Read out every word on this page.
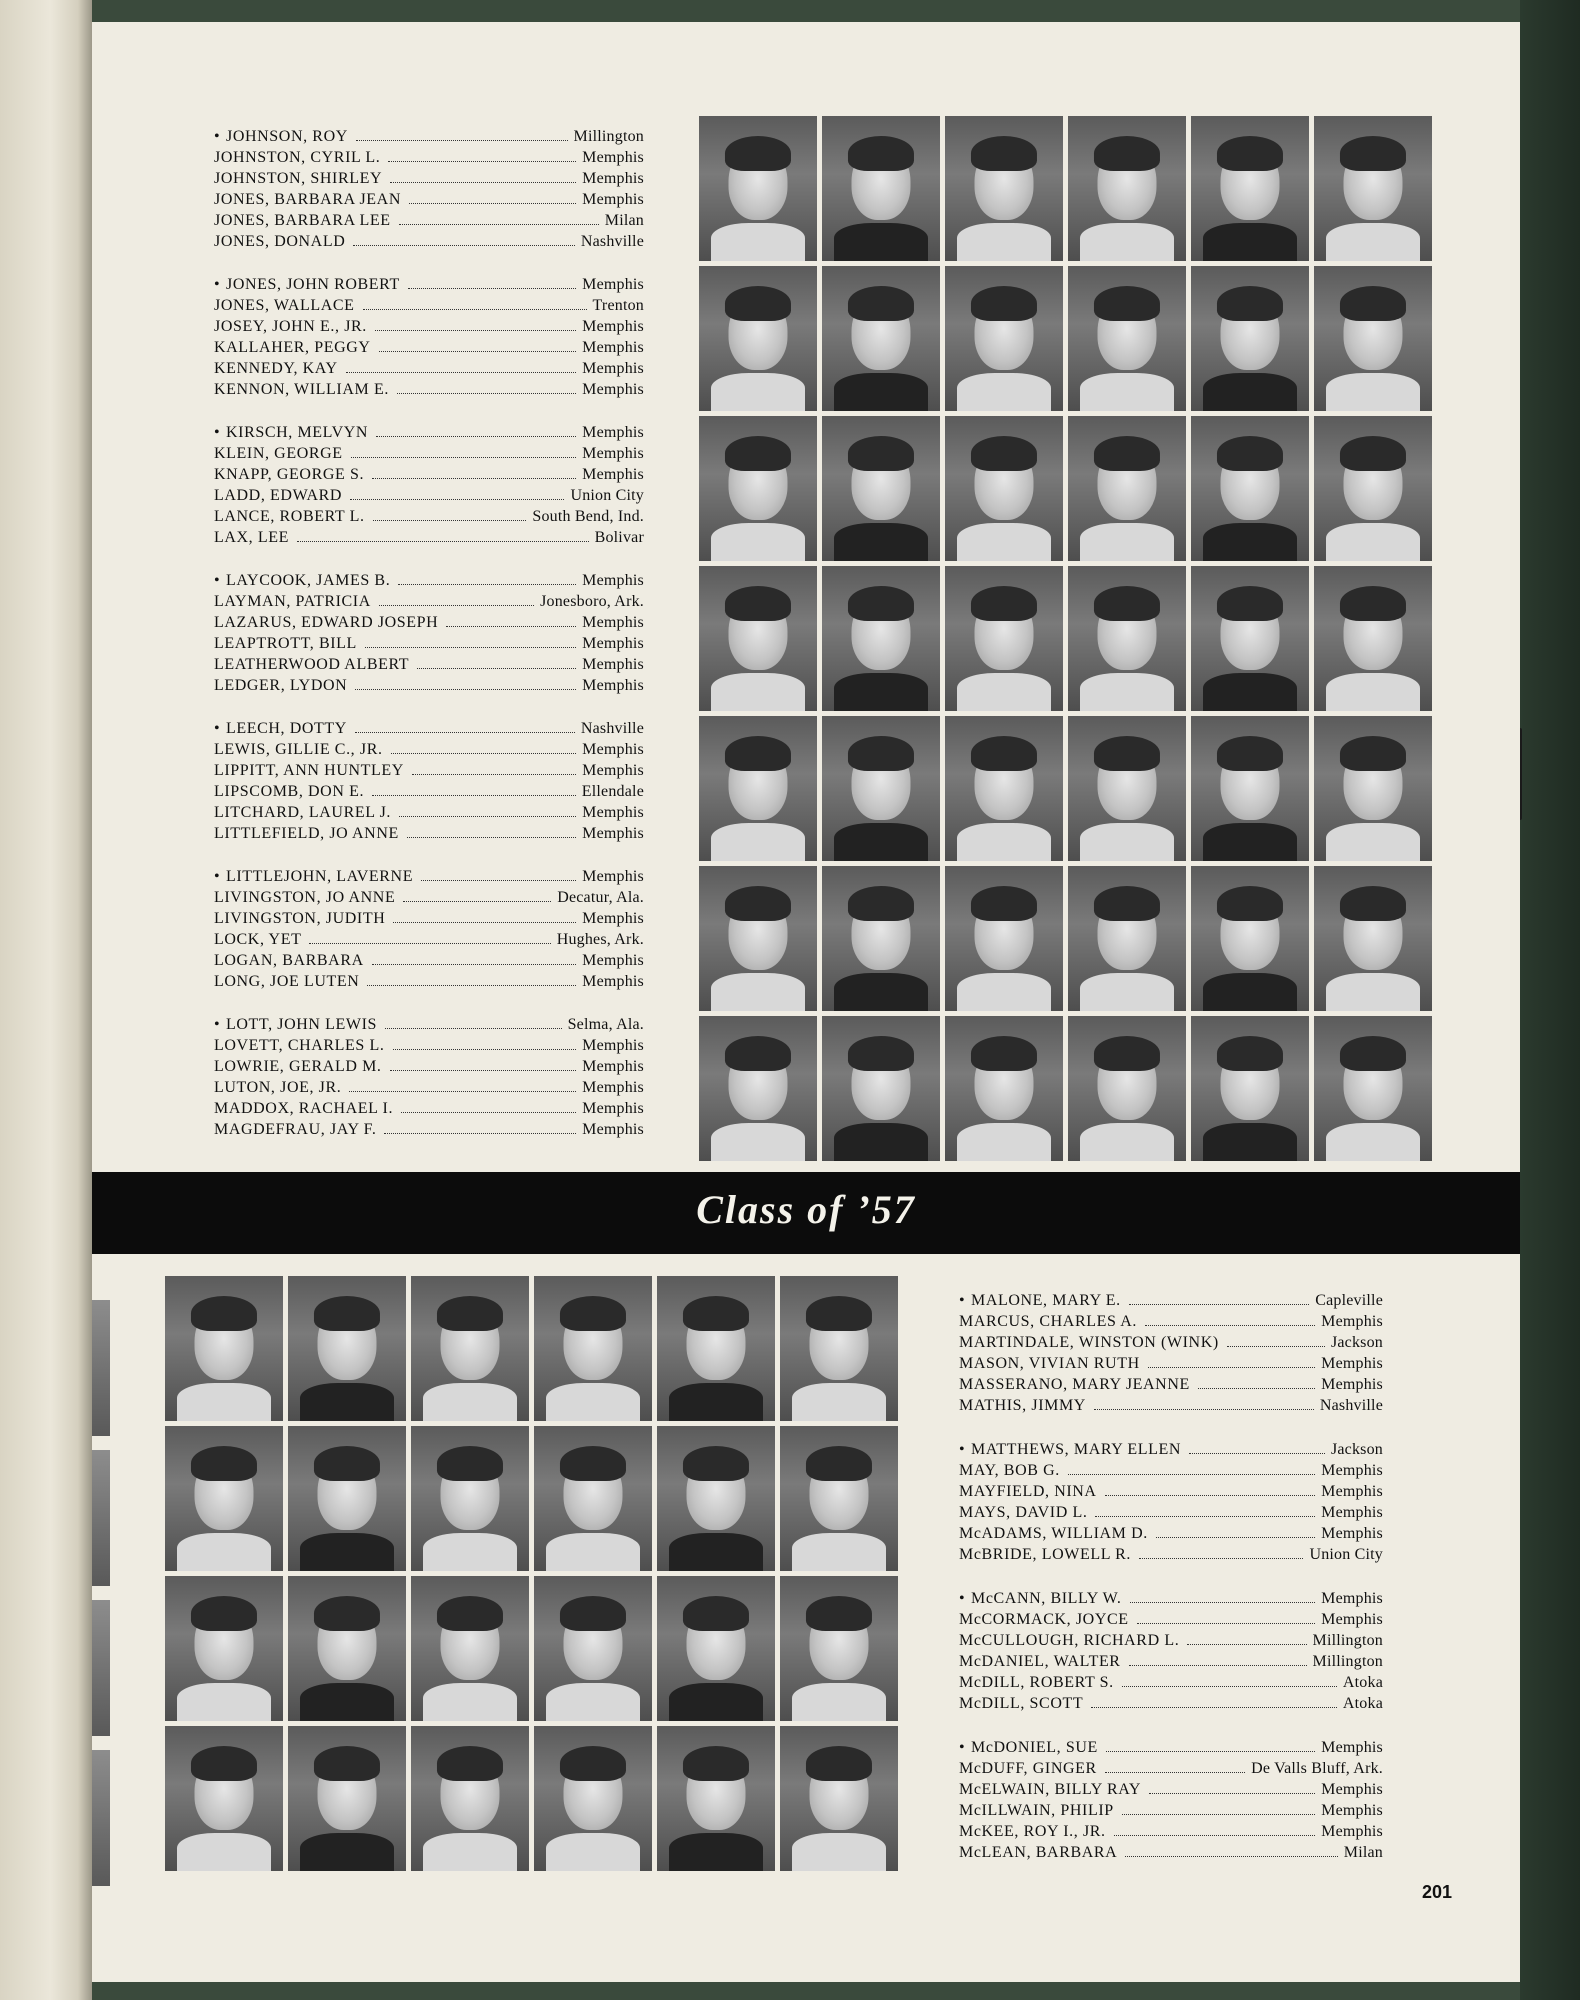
• JOHNSON, ROY	Millington
JOHNSTON, CYRIL L.	Memphis
JOHNSTON, SHIRLEY	Memphis
JONES, BARBARA JEAN	Memphis
JONES, BARBARA LEE	Milan
JONES, DONALD	Nashville
• JONES, JOHN ROBERT	Memphis
JONES, WALLACE	Trenton
JOSEY, JOHN E., JR.	Memphis
KALLAHER, PEGGY	Memphis
KENNEDY, KAY	Memphis
KENNON, WILLIAM E.	Memphis
• KIRSCH, MELVYN	Memphis
KLEIN, GEORGE	Memphis
KNAPP, GEORGE S.	Memphis
LADD, EDWARD	Union City
LANCE, ROBERT L.	South Bend, Ind.
LAX, LEE	Bolivar
• LAYCOOK, JAMES B.	Memphis
LAYMAN, PATRICIA	Jonesboro, Ark.
LAZARUS, EDWARD JOSEPH	Memphis
LEAPTROTT, BILL	Memphis
LEATHERWOOD ALBERT	Memphis
LEDGER, LYDON	Memphis
• LEECH, DOTTY	Nashville
LEWIS, GILLIE C., JR.	Memphis
LIPPITT, ANN HUNTLEY	Memphis
LIPSCOMB, DON E.	Ellendale
LITCHARD, LAUREL J.	Memphis
LITTLEFIELD, JO ANNE	Memphis
• LITTLEJOHN, LAVERNE	Memphis
LIVINGSTON, JO ANNE	Decatur, Ala.
LIVINGSTON, JUDITH	Memphis
LOCK, YET	Hughes, Ark.
LOGAN, BARBARA	Memphis
LONG, JOE LUTEN	Memphis
• LOTT, JOHN LEWIS	Selma, Ala.
LOVETT, CHARLES L.	Memphis
LOWRIE, GERALD M.	Memphis
LUTON, JOE, JR.	Memphis
MADDOX, RACHAEL I.	Memphis
MAGDEFRAU, JAY F.	Memphis
Class of ’57
• MALONE, MARY E.	Capleville
MARCUS, CHARLES A.	Memphis
MARTINDALE, WINSTON (WINK)	Jackson
MASON, VIVIAN RUTH	Memphis
MASSERANO, MARY JEANNE	Memphis
MATHIS, JIMMY	Nashville
• MATTHEWS, MARY ELLEN	Jackson
MAY, BOB G.	Memphis
MAYFIELD, NINA	Memphis
MAYS, DAVID L.	Memphis
McADAMS, WILLIAM D.	Memphis
McBRIDE, LOWELL R.	Union City
• McCANN, BILLY W.	Memphis
McCORMACK, JOYCE	Memphis
McCULLOUGH, RICHARD L.	Millington
McDANIEL, WALTER	Millington
McDILL, ROBERT S.	Atoka
McDILL, SCOTT	Atoka
• McDONIEL, SUE	Memphis
McDUFF, GINGER	De Valls Bluff, Ark.
McELWAIN, BILLY RAY	Memphis
McILLWAIN, PHILIP	Memphis
McKEE, ROY I., JR.	Memphis
McLEAN, BARBARA	Milan
201
